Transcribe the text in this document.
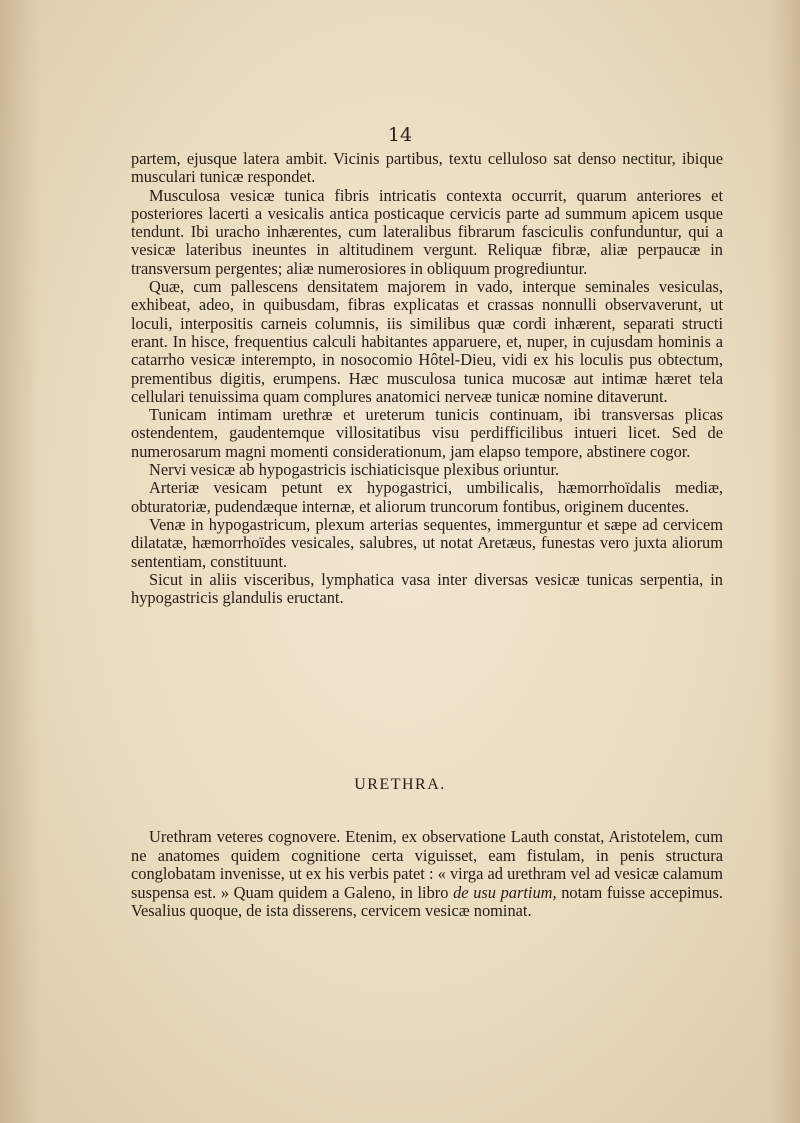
14

partem, ejusque latera ambit. Vicinis partibus, textu celluloso sat denso nectitur, ibique musculari tunicæ respondet.

Musculosa vesicæ tunica fibris intricatis contexta occurrit, quarum anteriores et posteriores lacerti a vesicalis antica posticaque cervicis parte ad summum apicem usque tendunt. Ibi uracho inhærentes, cum lateralibus fibrarum fasciculis confunduntur, qui a vesicæ lateribus ineuntes in altitudinem vergunt. Reliquæ fibræ, aliæ perpaucæ in transversum pergentes; aliæ numerosiores in obliquum progrediuntur.

Quæ, cum pallescens densitatem majorem in vado, interque seminales vesiculas, exhibeat, adeo, in quibusdam, fibras explicatas et crassas nonnulli observaverunt, ut loculi, interpositis carneis columnis, iis similibus quæ cordi inhærent, separati structi erant. In hisce, frequentius calculi habitantes apparuere, et, nuper, in cujusdam hominis a catarrho vesicæ interempto, in nosocomio Hôtel-Dieu, vidi ex his loculis pus obtectum, prementibus digitis, erumpens. Hæc musculosa tunica mucosæ aut intimæ hæret tela cellulari tenuissima quam complures anatomici nerveæ tunicæ nomine ditaverunt.

Tunicam intimam urethræ et ureterum tunicis continuam, ibi transversas plicas ostendentem, gaudentemque villositatibus visu perdifficilibus intueri licet. Sed de numerosarum magni momenti considerationum, jam elapso tempore, abstinere cogor.

Nervi vesicæ ab hypogastricis ischiaticisque plexibus oriuntur.

Arteriæ vesicam petunt ex hypogastrici, umbilicalis, hæmorrhoïdalis mediæ, obturatoriæ, pudendæque internæ, et aliorum truncorum fontibus, originem ducentes.

Venæ in hypogastricum, plexum arterias sequentes, immerguntur et sæpe ad cervicem dilatatæ, hæmorrhoïdes vesicales, salubres, ut notat Aretæus, funestas vero juxta aliorum sententiam, constituunt.

Sicut in aliis visceribus, lymphatica vasa inter diversas vesicæ tunicas serpentia, in hypogastricis glandulis eructant.

URETHRA.

Urethram veteres cognovere. Etenim, ex observatione Lauth constat, Aristotelem, cum ne anatomes quidem cognitione certa viguisset, eam fistulam, in penis structura conglobatam invenisse, ut ex his verbis patet : « virga ad urethram vel ad vesicæ calamum suspensa est. » Quam quidem a Galeno, in libro de usu partium, notam fuisse accepimus. Vesalius quoque, de ista disserens, cervicem vesicæ nominat.
